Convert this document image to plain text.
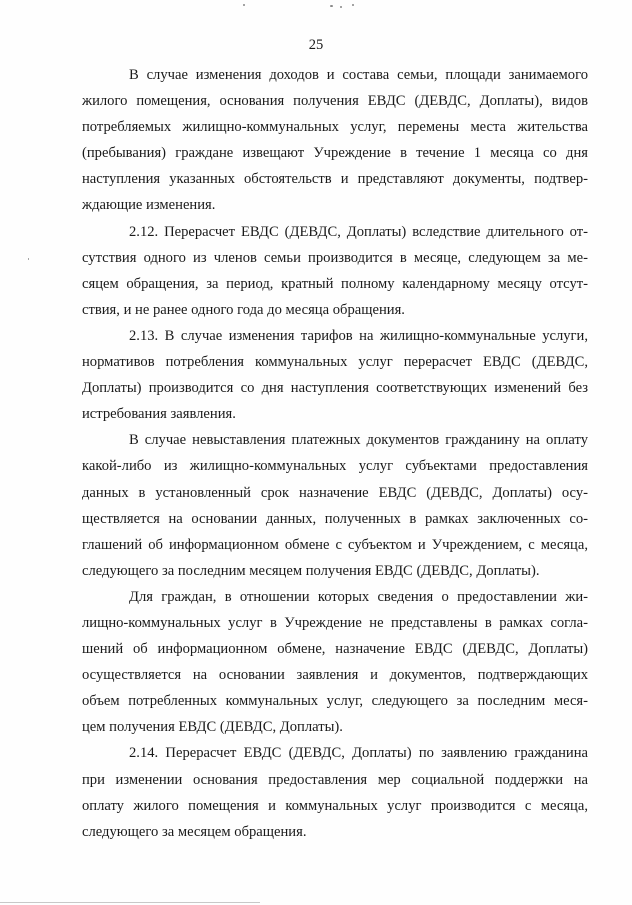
25

В случае изменения доходов и состава семьи, площади занимаемого
жилого помещения, основания получения ЕВДС (ДЕВДС, Доплаты), видов
потребляемых жилищно-коммунальных услуг, перемены места жительства
(пребывания) граждане извещают Учреждение в течение 1 месяца со дня
наступления указанных обстоятельств и представляют документы, подтвер-
ждающие изменения.

2.12. Перерасчет ЕВДС (ДЕВДС, Доплаты) вследствие длительного от-
сутствия одного из членов семьи производится в месяце, следующем за ме-
сяцем обращения, за период, кратный полному календарному месяцу отсут-
ствия, и не ранее одного года до месяца обращения.

2.13. В случае изменения тарифов на жилищно-коммунальные услуги,
нормативов потребления коммунальных услуг перерасчет ЕВДС (ДЕВДС,
Доплаты) производится со дня наступления соответствующих изменений без
истребования заявления.

В случае невыставления платежных документов гражданину на оплату
какой-либо из жилищно-коммунальных услуг субъектами предоставления
данных в установленный срок назначение ЕВДС (ДЕВДС, Доплаты) осу-
ществляется на основании данных, полученных в рамках заключенных со-
глашений об информационном обмене с субъектом и Учреждением, с месяца,
следующего за последним месяцем получения ЕВДС (ДЕВДС, Доплаты).

Для граждан, в отношении которых сведения о предоставлении жи-
лищно-коммунальных услуг в Учреждение не представлены в рамках согла-
шений об информационном обмене, назначение ЕВДС (ДЕВДС, Доплаты)
осуществляется на основании заявления и документов, подтверждающих
объем потребленных коммунальных услуг, следующего за последним меся-
цем получения ЕВДС (ДЕВДС, Доплаты).

2.14. Перерасчет ЕВДС (ДЕВДС, Доплаты) по заявлению гражданина
при изменении основания предоставления мер социальной поддержки на
оплату жилого помещения и коммунальных услуг производится с месяца,
следующего за месяцем обращения.
